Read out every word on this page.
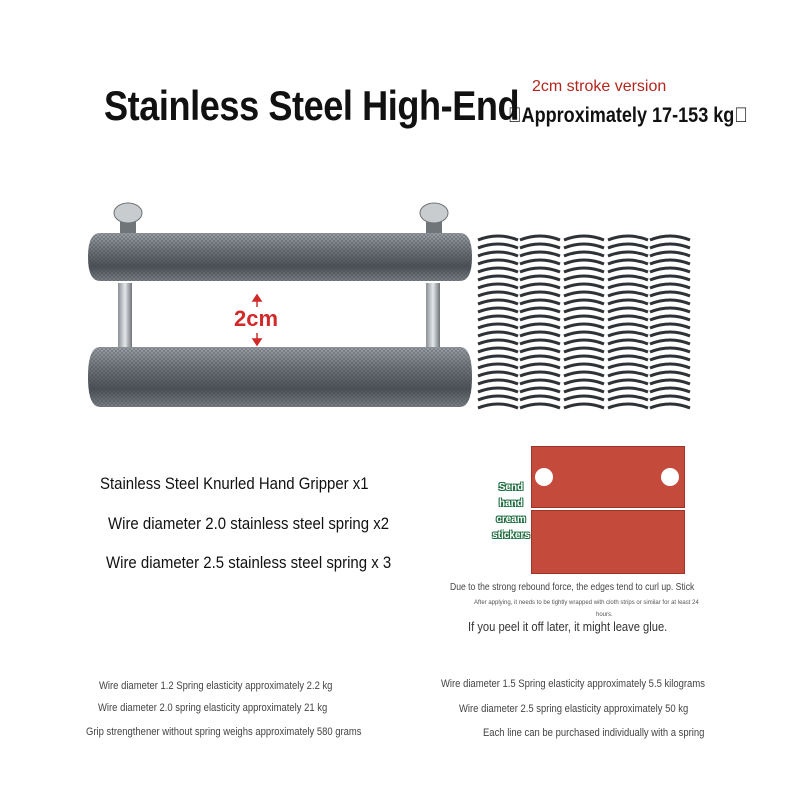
Stainless Steel High-End 2cm stroke version
 Approximately 17-153 kg 
2cm
Stainless Steel Knurled Hand Gripper x1
Wire diameter 2.0 stainless steel spring x2
Wire diameter 2.5 stainless steel spring x 3
Send
hand
cream
stickers
Due to the strong rebound force, the edges tend to curl up. Stick
After applying, it needs to be tightly wrapped with cloth strips or similar for at least 24
hours.
If you peel it off later, it might leave glue.
Wire diameter 1.2 Spring elasticity approximately 2.2 kg
Wire diameter 2.0 spring elasticity approximately 21 kg
Grip strengthener without spring weighs approximately 580 grams
Wire diameter 1.5 Spring elasticity approximately 5.5 kilograms
Wire diameter 2.5 spring elasticity approximately 50 kg
Each line can be purchased individually with a spring
